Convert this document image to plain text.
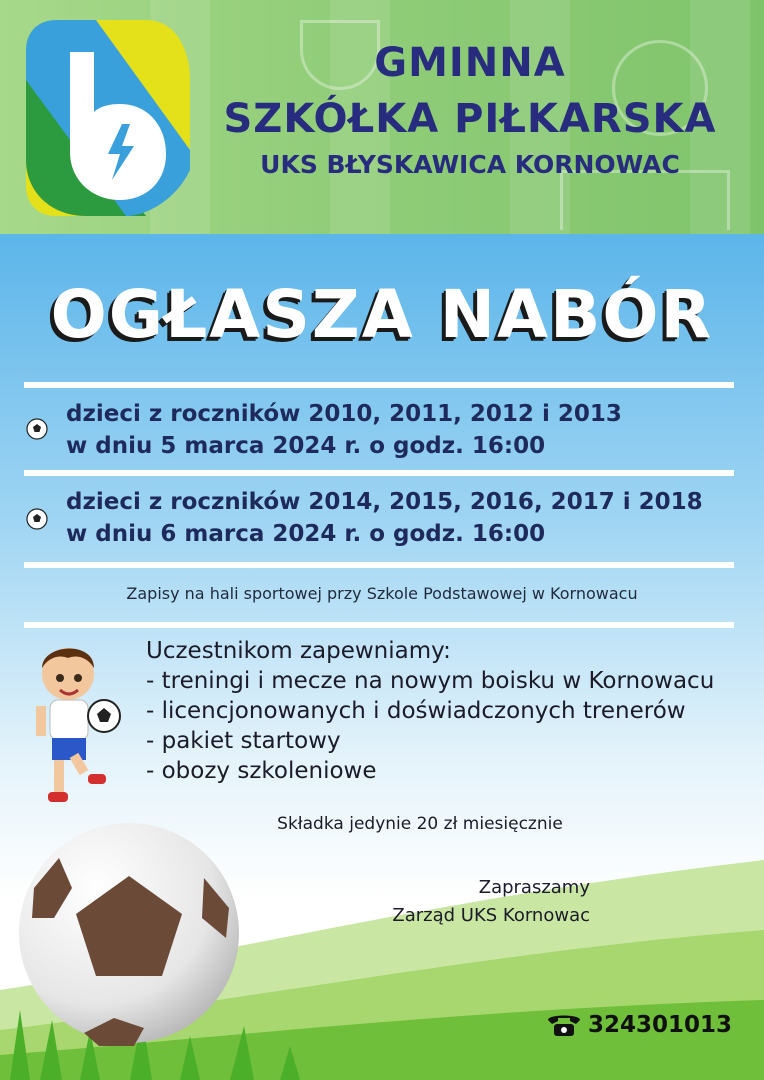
GMINNA
SZKÓŁKA PIŁKARSKA
UKS BŁYSKAWICA KORNOWAC
OGŁASZA NABÓR
dzieci z roczników 2010, 2011, 2012 i 2013
w dniu 5 marca 2024 r. o godz. 16:00
dzieci z roczników 2014, 2015, 2016, 2017 i 2018
w dniu 6 marca 2024 r. o godz. 16:00
Zapisy na hali sportowej przy Szkole Podstawowej w Kornowacu
Uczestnikom zapewniamy:
- treningi i mecze na nowym boisku w Kornowacu
- licencjonowanych i doświadczonych trenerów
- pakiet startowy
- obozy szkoleniowe
Składka jedynie 20 zł miesięcznie
Zapraszamy
Zarząd UKS Kornowac
324301013
